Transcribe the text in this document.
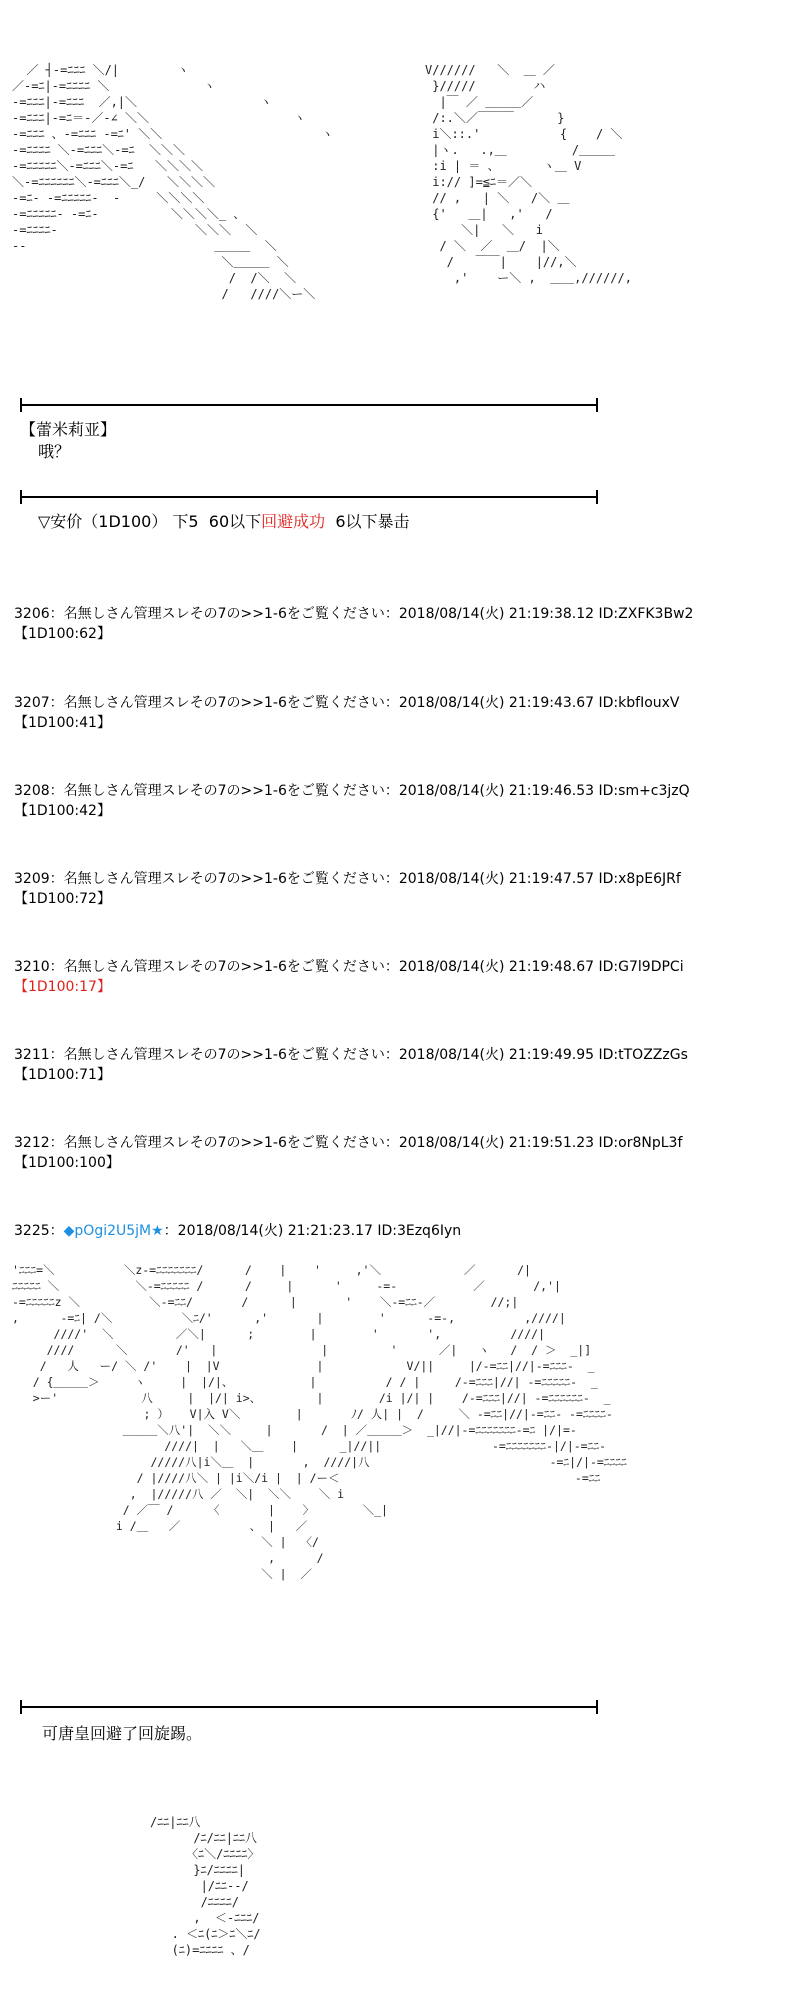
／ ┤-=ﾆﾆﾆ ＼/|        ヽ
／-=ﾆ|-=ﾆﾆﾆﾆ ＼             ヽ
-=ﾆﾆﾆ|-=ﾆﾆﾆ  ／,|＼                 ヽ
-=ﾆﾆﾆ|-=ﾆ＝-／-∠ ＼＼                    ヽ
-=ﾆﾆﾆ 、-=ﾆﾆﾆ -=ﾆ' ＼＼                      ヽ
-=ﾆﾆﾆﾆ ＼-=ﾆﾆﾆ＼-=ﾆ  ＼＼＼
-=ﾆﾆﾆﾆﾆ＼-=ﾆﾆﾆ＼-=ﾆ   ＼＼＼＼
＼-=ﾆﾆﾆﾆﾆﾆ＼-=ﾆﾆﾆ＼_/   ＼＼＼＼
-=ﾆ- -=ﾆﾆﾆﾆﾆ-  -     ＼＼＼＼
-=ﾆﾆﾆﾆﾆ- -=ﾆ-          ＼＼＼＼_ 、
-=ﾆﾆﾆﾆ-                   ＼＼＼  ＼
--                          ＿＿＿  ＼
＼＿＿＿ ＼
/  /＼  ＼
/   ////＼ー＼
V//////   ＼  ＿ ／
}/////        ハ
|￣ ／ ＿＿＿／
/:.＼／￣￣￣      }
i＼::.'           {    / ＼
|ヽ.   .,＿         /＿＿＿
:i | ＝ 、      ヽ＿ V
i:// ]=≦ﾆ＝／＼
// ,   | ＼   /＼ ＿
{'   ＿|   ,'   /
＼|   ＼   i
/ ＼  ／  ＿/  |＼
/   ￣￣|    |//,＼
,'    ー＼ ,  ＿＿,//////,
【蕾米莉亚】
哦？
▽安价（1D100） 下5  60以下回避成功  6以下暴击
3206：名無しさん管理スレその7の>>1-6をご覧ください：2018/08/14(火) 21:19:38.12 ID:ZXFK3Bw2
【1D100:62】
3207：名無しさん管理スレその7の>>1-6をご覧ください：2018/08/14(火) 21:19:43.67 ID:kbfIouxV
【1D100:41】
3208：名無しさん管理スレその7の>>1-6をご覧ください：2018/08/14(火) 21:19:46.53 ID:sm+c3jzQ
【1D100:42】
3209：名無しさん管理スレその7の>>1-6をご覧ください：2018/08/14(火) 21:19:47.57 ID:x8pE6JRf
【1D100:72】
3210：名無しさん管理スレその7の>>1-6をご覧ください：2018/08/14(火) 21:19:48.67 ID:G7l9DPCi
【1D100:17】
3211：名無しさん管理スレその7の>>1-6をご覧ください：2018/08/14(火) 21:19:49.95 ID:tTOZZzGs
【1D100:71】
3212：名無しさん管理スレその7の>>1-6をご覧ください：2018/08/14(火) 21:19:51.23 ID:or8NpL3f
【1D100:100】
3225：◆pOgi2U5jM★：2018/08/14(火) 21:21:23.17 ID:3Ezq6Iyn
'ﾆﾆﾆ=＼          ＼z-=ﾆﾆﾆﾆﾆﾆﾆ/      /    |    '     ,'＼            ／      /|
ﾆﾆﾆﾆﾆ ＼           ＼-=ﾆﾆﾆﾆﾆ /      /     |      '     -=-           ／       /,'|
-=ﾆﾆﾆﾆﾆz ＼          ＼-=ﾆﾆ/       /      |       '    ＼-=ﾆﾆ-／        //;|
,      -=ﾆ| /＼          ＼ﾆ/'      ,'       |        '      -=-,          ,////|
////'  ＼         ／＼|      ;        |        '       ',          ////|
////      ＼       /'   |               |         '      ／|   ヽ   /  / ＞  _|]
/   人   ー/ ＼ /'    |  |V              |            V/||     |/-=ﾆﾆ|//|-=ﾆﾆﾆ-  _
/ {＿＿＿＞     ヽ     |  |/|、           |          / / |     /-=ﾆﾆﾆ|//| -=ﾆﾆﾆﾆﾆ-  _
>ー'            八     |  |/| i>、        |        /i |/| |    /-=ﾆﾆﾆ|//| -=ﾆﾆﾆﾆﾆﾆ-  _
; ）   V|入 V＼        |       ﾉ/ 人| |  /     ＼ -=ﾆﾆ|//|-=ﾆﾆ- -=ﾆﾆﾆﾆ-
＿＿＿＼八'|  ＼＼     |       /  | ／＿＿＿＞  _|//|-=ﾆﾆﾆﾆﾆﾆﾆ-=ﾆ |/|=-
////|  |   ＼＿    |      _|//||                -=ﾆﾆﾆﾆﾆﾆﾆ-|/|-=ﾆﾆ-
/////八|i＼＿  |       ,  ////|八                          -=ﾆ|/|-=ﾆﾆﾆﾆ
/ |////八＼ | |i＼/i |  | /ー＜                                  -=ﾆﾆ
,  |/////八 ／  ＼|  ＼＼    ＼ i
/ ／￣ /     〈       |    〉       ＼_|
i /＿   ／          、 |   ／
＼ |  〈/
,      /
＼ |  ／
可唐皇回避了回旋踢。
/ﾆﾆ|ﾆﾆ八
/ﾆ/ﾆﾆ|ﾆﾆ八
〈ﾆ＼/ﾆﾆﾆﾆ〉
}ﾆ/ﾆﾆﾆﾆ|
|/ﾆﾆ--/
/ﾆﾆﾆﾆ/
,  ＜-ﾆﾆﾆ/
. ＜ﾆ(ﾆ＞ﾆ＼ﾆ/
(ﾆ)=ﾆﾆﾆﾆ 、/
